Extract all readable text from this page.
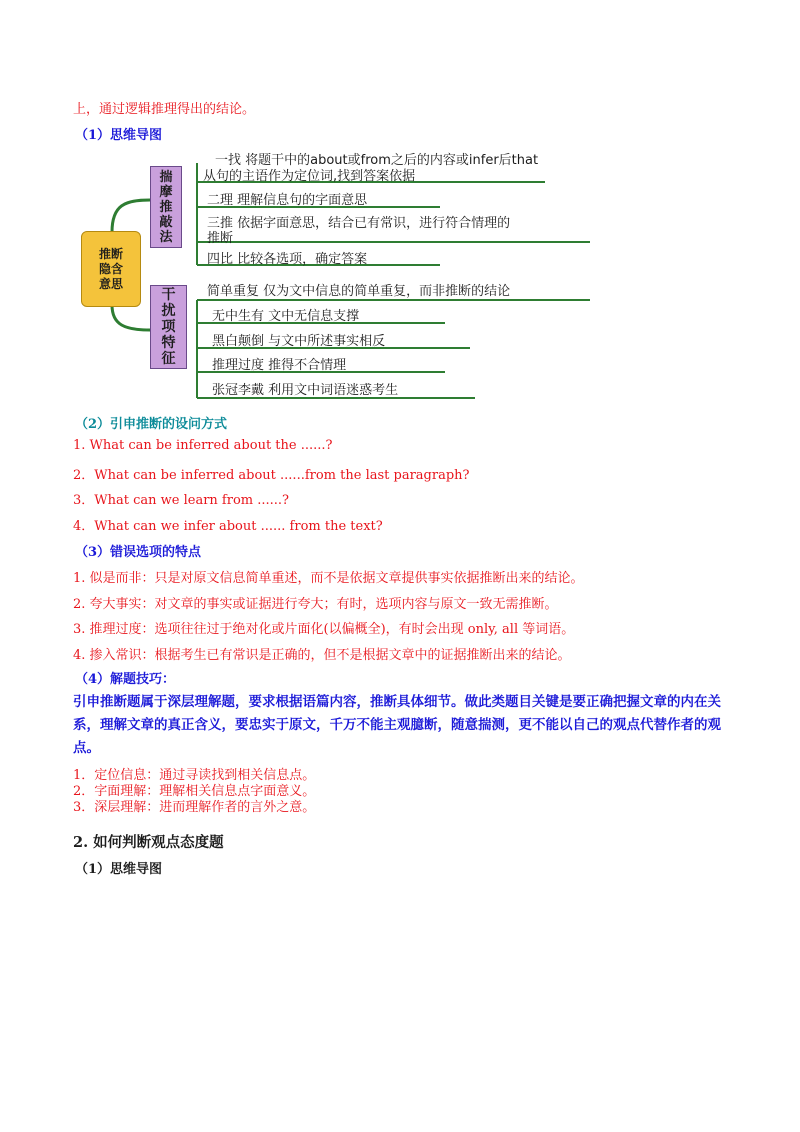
上，通过逻辑推理得出的结论。
（1）思维导图
推断
隐含
意思
揣
摩
推
敲
法
干
扰
项
特
征
一找 将题干中的about或from之后的内容或infer后that
从句的主语作为定位词,找到答案依据
二理 理解信息句的字面意思
三推 依据字面意思，结合已有常识，进行符合情理的
推断
四比 比较各选项，确定答案
简单重复 仅为文中信息的简单重复，而非推断的结论
无中生有 文中无信息支撑
黑白颠倒 与文中所述事实相反
推理过度 推得不合情理
张冠李戴 利用文中词语迷惑考生
（2）引申推断的设问方式
1. What can be inferred about the ......?
2．What can be inferred about ......from the last paragraph?
3．What can we learn from ......?
4．What can we infer about ...... from the text?
（3）错误选项的特点
1. 似是而非：只是对原文信息简单重述，而不是依据文章提供事实依据推断出来的结论。
2. 夸大事实：对文章的事实或证据进行夸大；有时，选项内容与原文一致无需推断。
3. 推理过度：选项往往过于绝对化或片面化(以偏概全)，有时会出现 only, all 等词语。
4. 掺入常识：根据考生已有常识是正确的，但不是根据文章中的证据推断出来的结论。
（4）解题技巧：
引申推断题属于深层理解题，要求根据语篇内容，推断具体细节。做此类题目关键是要正确把握文章的内在关系，理解文章的真正含义，要忠实于原文，千万不能主观臆断，随意揣测，更不能以自己的观点代替作者的观点。
1．定位信息：通过寻读找到相关信息点。
2．字面理解：理解相关信息点字面意义。
3．深层理解：进而理解作者的言外之意。
2. 如何判断观点态度题
（1）思维导图
